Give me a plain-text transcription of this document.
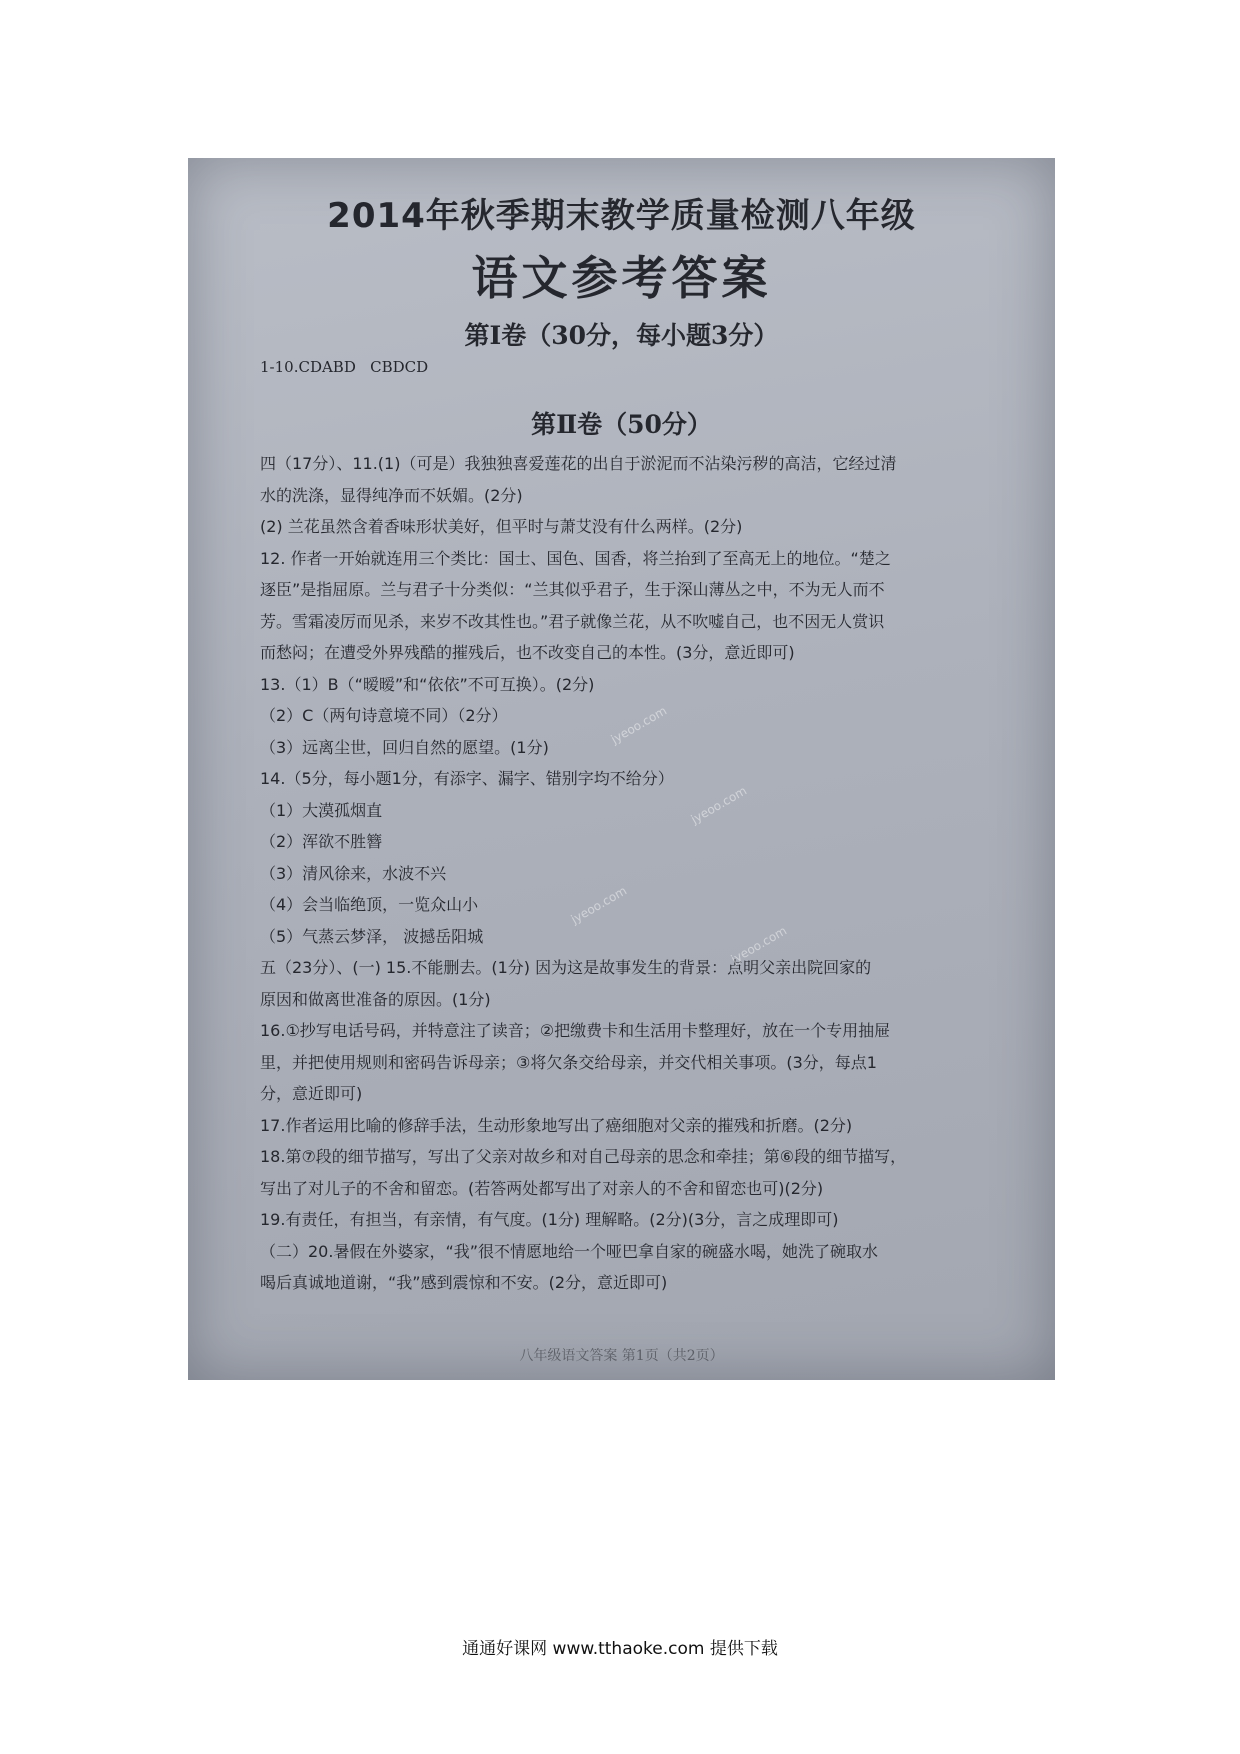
2014年秋季期末教学质量检测八年级
语文参考答案
第Ⅰ卷（30分，每小题3分）
1-10.CDABD   CBDCD
第Ⅱ卷（50分）
四（17分）、11.(1)（可是）我独独喜爱莲花的出自于淤泥而不沾染污秽的高洁，它经过清
水的洗涤，显得纯净而不妖媚。(2分)
(2) 兰花虽然含着香味形状美好，但平时与萧艾没有什么两样。(2分)
12. 作者一开始就连用三个类比：国士、国色、国香，将兰抬到了至高无上的地位。“楚之
逐臣”是指屈原。兰与君子十分类似：“兰其似乎君子，生于深山薄丛之中，不为无人而不
芳。雪霜凌厉而见杀，来岁不改其性也。”君子就像兰花，从不吹嘘自己，也不因无人赏识
而愁闷；在遭受外界残酷的摧残后，也不改变自己的本性。(3分，意近即可)
13.（1）B（“暧暧”和“依依”不可互换）。(2分)
（2）C（两句诗意境不同）（2分）
（3）远离尘世，回归自然的愿望。(1分)
14.（5分，每小题1分，有添字、漏字、错别字均不给分）
（1）大漠孤烟直
（2）浑欲不胜簪
（3）清风徐来，水波不兴
（4）会当临绝顶，一览众山小
（5）气蒸云梦泽， 波撼岳阳城
五（23分）、(一) 15.不能删去。(1分) 因为这是故事发生的背景：点明父亲出院回家的
原因和做离世准备的原因。(1分)
16.①抄写电话号码，并特意注了读音；②把缴费卡和生活用卡整理好，放在一个专用抽屉
里，并把使用规则和密码告诉母亲；③将欠条交给母亲，并交代相关事项。(3分，每点1
分，意近即可)
17.作者运用比喻的修辞手法，生动形象地写出了癌细胞对父亲的摧残和折磨。(2分)
18.第⑦段的细节描写，写出了父亲对故乡和对自己母亲的思念和牵挂；第⑥段的细节描写，
写出了对儿子的不舍和留恋。(若答两处都写出了对亲人的不舍和留恋也可)(2分)
19.有责任，有担当，有亲情，有气度。(1分) 理解略。(2分)(3分，言之成理即可)
（二）20.暑假在外婆家，“我”很不情愿地给一个哑巴拿自家的碗盛水喝，她洗了碗取水
喝后真诚地道谢，“我”感到震惊和不安。(2分，意近即可)
jyeoo.com
jyeoo.com
jyeoo.com
jyeoo.com
八年级语文答案 第1页（共2页）
通通好课网 www.tthaoke.com 提供下载
